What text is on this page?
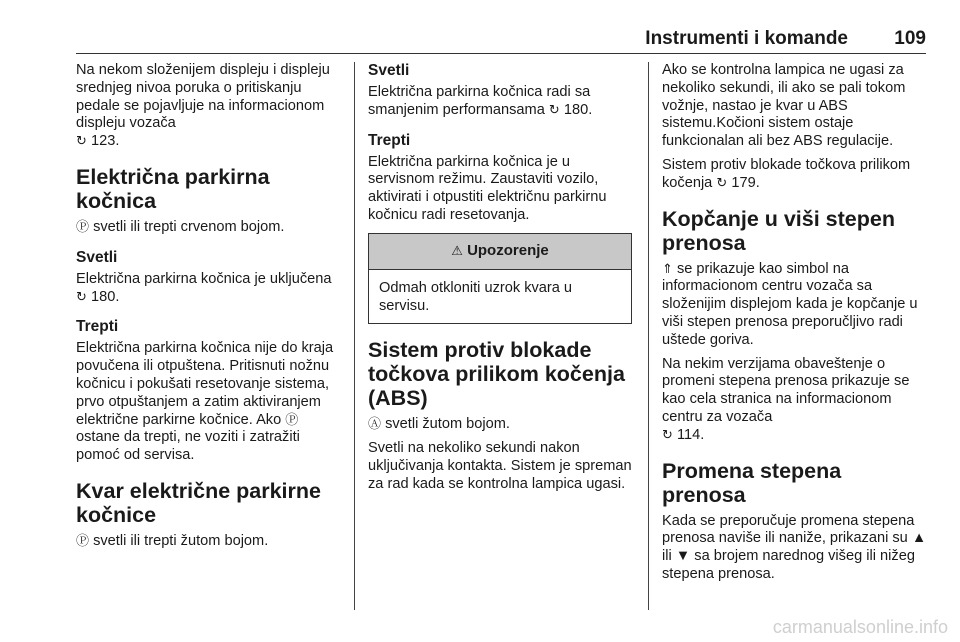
Instrumenti i komande 109

Na nekom složenijem displeju i displeju srednjeg nivoa poruka o pritiskanju pedale se pojavljuje na informacionom displeju vozača
↻ 123.

Električna parkirna kočnica

Ⓟ svetli ili trepti crvenom bojom.

Svetli

Električna parkirna kočnica je uključena ↻ 180.

Trepti

Električna parkirna kočnica nije do kraja povučena ili otpuštena. Pritisnuti nožnu kočnicu i pokušati resetovanje sistema, prvo otpuštanjem a zatim aktiviranjem električne parkirne kočnice. Ako Ⓟ ostane da trepti, ne voziti i zatražiti pomoć od servisa.

Kvar električne parkirne kočnice

Ⓟ svetli ili trepti žutom bojom.

Svetli

Električna parkirna kočnica radi sa smanjenim performansama ↻ 180.

Trepti

Električna parkirna kočnica je u servisnom režimu. Zaustaviti vozilo, aktivirati i otpustiti električnu parkirnu kočnicu radi resetovanja.

⚠ Upozorenje

Odmah otkloniti uzrok kvara u servisu.

Sistem protiv blokade točkova prilikom kočenja (ABS)

Ⓐ svetli žutom bojom.

Svetli na nekoliko sekundi nakon uključivanja kontakta. Sistem je spreman za rad kada se kontrolna lampica ugasi.

Ako se kontrolna lampica ne ugasi za nekoliko sekundi, ili ako se pali tokom vožnje, nastao je kvar u ABS sistemu.Kočioni sistem ostaje funkcionalan ali bez ABS regulacije.

Sistem protiv blokade točkova prilikom kočenja ↻ 179.

Kopčanje u viši stepen prenosa

⇑ se prikazuje kao simbol na informacionom centru vozača sa složenijim displejom kada je kopčanje u viši stepen prenosa preporučljivo radi uštede goriva.

Na nekim verzijama obaveštenje o promeni stepena prenosa prikazuje se kao cela stranica na informacionom centru za vozača
↻ 114.

Promena stepena prenosa

Kada se preporučuje promena stepena prenosa naviše ili naniže, prikazani su ▲ ili ▼ sa brojem narednog višeg ili nižeg stepena prenosa.

carmanualsonline.info
